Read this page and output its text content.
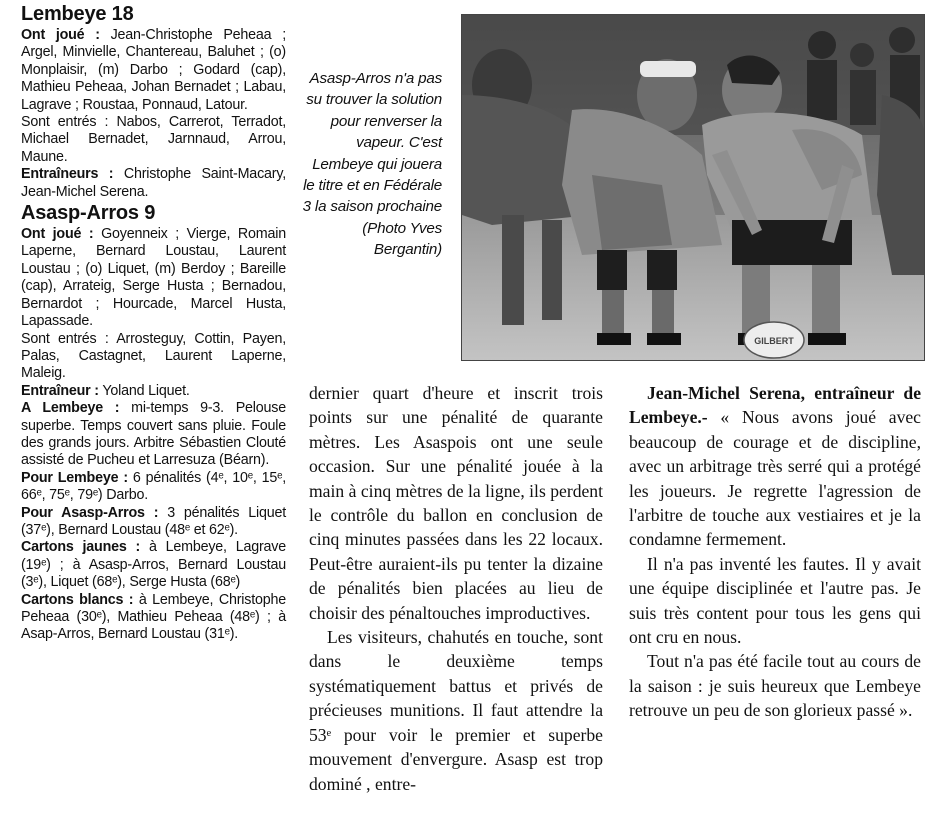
Lembeye 18

Ont joué : Jean-Christophe Peheaa ; Argel, Minvielle, Chantereau, Baluhet ; (o) Monplaisir, (m) Darbo ; Godard (cap), Mathieu Peheaa, Johan Bernadet ; Labau, Lagrave ; Roustaa, Ponnaud, Latour.

Sont entrés : Nabos, Carrerot, Terradot, Michael Bernadet, Jarnnaud, Arrou, Maune.

Entraîneurs : Christophe Saint-Macary, Jean-Michel Serena.

Asasp-Arros 9

Ont joué : Goyenneix ; Vierge, Romain Laperne, Bernard Loustau, Laurent Loustau ; (o) Liquet, (m) Berdoy ; Bareille (cap), Arrateig, Serge Husta ; Bernadou, Bernardot ; Hourcade, Marcel Husta, Lapassade.

Sont entrés : Arrosteguy, Cottin, Payen, Palas, Castagnet, Laurent Laperne, Maleig.

Entraîneur : Yoland Liquet.

A Lembeye : mi-temps 9-3. Pelouse superbe. Temps couvert sans pluie. Foule des grands jours. Arbitre Sébastien Clouté assisté de Pucheu et Larresuza (Béarn).

Pour Lembeye : 6 pénalités (4ᵉ, 10ᵉ, 15ᵉ, 66ᵉ, 75ᵉ, 79ᵉ) Darbo.

Pour Asasp-Arros : 3 pénalités Liquet (37ᵉ), Bernard Loustau (48ᵉ et 62ᵉ).

Cartons jaunes : à Lembeye, Lagrave (19ᵉ) ; à Asasp-Arros, Bernard Loustau (3ᵉ), Liquet (68ᵉ), Serge Husta (68ᵉ)

Cartons blancs : à Lembeye, Christophe Peheaa (30ᵉ), Mathieu Peheaa (48ᵉ) ; à Asap-Arros, Bernard Loustau (31ᵉ).

Asasp-Arros n'a pas su trouver la solution pour renverser la vapeur. C'est Lembeye qui jouera le titre et en Fédérale 3 la saison prochaine (Photo Yves Bergantin)
GILBERT

dernier quart d'heure et inscrit trois points sur une pénalité de quarante mètres. Les Asaspois ont une seule occasion. Sur une pénalité jouée à la main à cinq mètres de la ligne, ils perdent le contrôle du ballon en conclusion de cinq minutes passées dans les 22 locaux. Peut-être auraient-ils pu tenter la dizaine de pénalités bien placées au lieu de choisir des pénaltouches improductives.

Les visiteurs, chahutés en touche, sont dans le deuxième temps systématiquement battus et privés de précieuses munitions. Il faut attendre la 53ᵉ pour voir le premier et superbe mouvement d'envergure. Asasp est trop dominé , entre-

Jean-Michel Serena, entraîneur de Lembeye.- « Nous avons joué avec beaucoup de courage et de discipline, avec un arbitrage très serré qui a protégé les joueurs. Je regrette l'agression de l'arbitre de touche aux vestiaires et je la condamne fermement.

Il n'a pas inventé les fautes. Il y avait une équipe disciplinée et l'autre pas. Je suis très content pour tous les gens qui ont cru en nous.

Tout n'a pas été facile tout au cours de la saison : je suis heureux que Lembeye retrouve un peu de son glorieux passé ».
